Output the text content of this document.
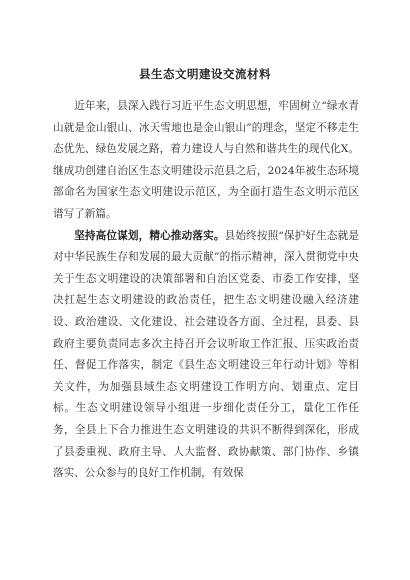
县生态文明建设交流材料

近年来，县深入践行习近平生态文明思想，牢固树立“绿水青山就是金山银山、冰天雪地也是金山银山”的理念，坚定不移走生态优先、绿色发展之路，着力建设人与自然和谐共生的现代化X。继成功创建自治区生态文明建设示范县之后，2024年被生态环境部命名为国家生态文明建设示范区，为全面打造生态文明示范区谱写了新篇。

坚持高位谋划，精心推动落实。县始终按照“保护好生态就是对中华民族生存和发展的最大贡献”的指示精神，深入贯彻党中央关于生态文明建设的决策部署和自治区党委、市委工作安排，坚决扛起生态文明建设的政治责任，把生态文明建设融入经济建设、政治建设、文化建设、社会建设各方面、全过程，县委、县政府主要负责同志多次主持召开会议听取工作汇报、压实政治责任、督促工作落实，制定《县生态文明建设三年行动计划》等相关文件，为加强县域生态文明建设工作明方向、划重点、定目标。生态文明建设领导小组进一步细化责任分工，量化工作任务，全县上下合力推进生态文明建设的共识不断得到深化，形成了县委重视、政府主导、人大监督、政协献策、部门协作、乡镇落实、公众参与的良好工作机制，有效保
